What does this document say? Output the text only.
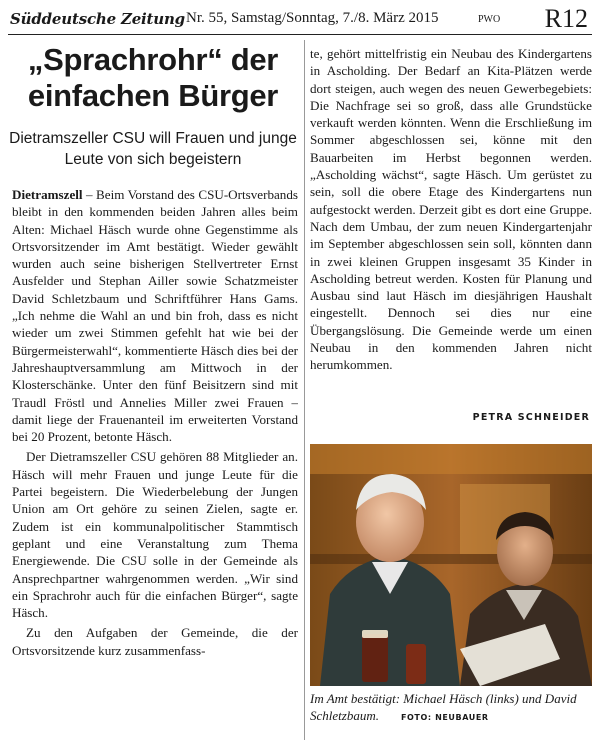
Süddeutsche Zeitung Nr. 55, Samstag/Sonntag, 7./8. März 2015	PWO R12
„Sprachrohr“ der einfachen Bürger
Dietramszeller CSU will Frauen und junge Leute von sich begeistern

Dietramszell – Beim Vorstand des CSU-Ortsverbands bleibt in den kommenden beiden Jahren alles beim Alten: Michael Häsch wurde ohne Gegenstimme als Ortsvorsitzender im Amt bestätigt. Wieder gewählt wurden auch seine bisherigen Stellvertreter Ernst Ausfelder und Stephan Ailler sowie Schatzmeister David Schletzbaum und Schriftführer Hans Gams. „Ich nehme die Wahl an und bin froh, dass es nicht wieder um zwei Stimmen gefehlt hat wie bei der Bürgermeisterwahl“, kommentierte Häsch dies bei der Jahreshauptversammlung am Mittwoch in der Klosterschänke. Unter den fünf Beisitzern sind mit Traudl Fröstl und Annelies Miller zwei Frauen – damit liege der Frauenanteil im erweiterten Vorstand bei 20 Prozent, betonte Häsch.

Der Dietramszeller CSU gehören 88 Mitglieder an. Häsch will mehr Frauen und junge Leute für die Partei begeistern. Die Wiederbelebung der Jungen Union am Ort gehöre zu seinen Zielen, sagte er. Zudem ist ein kommunalpolitischer Stammtisch geplant und eine Veranstaltung zum Thema Energiewende. Die CSU solle in der Gemeinde als Ansprechpartner wahrgenommen werden. „Wir sind ein Sprachrohr auch für die einfachen Bürger“, sagte Häsch.

Zu den Aufgaben der Gemeinde, die der Ortsvorsitzende kurz zusammenfass-

te, gehört mittelfristig ein Neubau des Kindergartens in Ascholding. Der Bedarf an Kita-Plätzen werde dort steigen, auch wegen des neuen Gewerbegebiets: Die Nachfrage sei so groß, dass alle Grundstücke verkauft werden könnten. Wenn die Erschließung im Sommer abgeschlossen sei, könne mit den Bauarbeiten im Herbst begonnen werden. „Ascholding wächst“, sagte Häsch. Um gerüstet zu sein, soll die obere Etage des Kindergartens nun aufgestockt werden. Derzeit gibt es dort eine Gruppe. Nach dem Umbau, der zum neuen Kindergartenjahr im September abgeschlossen sein soll, könnten dann in zwei kleinen Gruppen insgesamt 35 Kinder in Ascholding betreut werden. Kosten für Planung und Ausbau sind laut Häsch im diesjährigen Haushalt eingestellt. Dennoch sei dies nur eine Übergangslösung. Die Gemeinde werde um einen Neubau in den kommenden Jahren nicht herumkommen.

PETRA SCHNEIDER
Im Amt bestätigt: Michael Häsch (links) und David Schletzbaum.	FOTO: NEUBAUER
